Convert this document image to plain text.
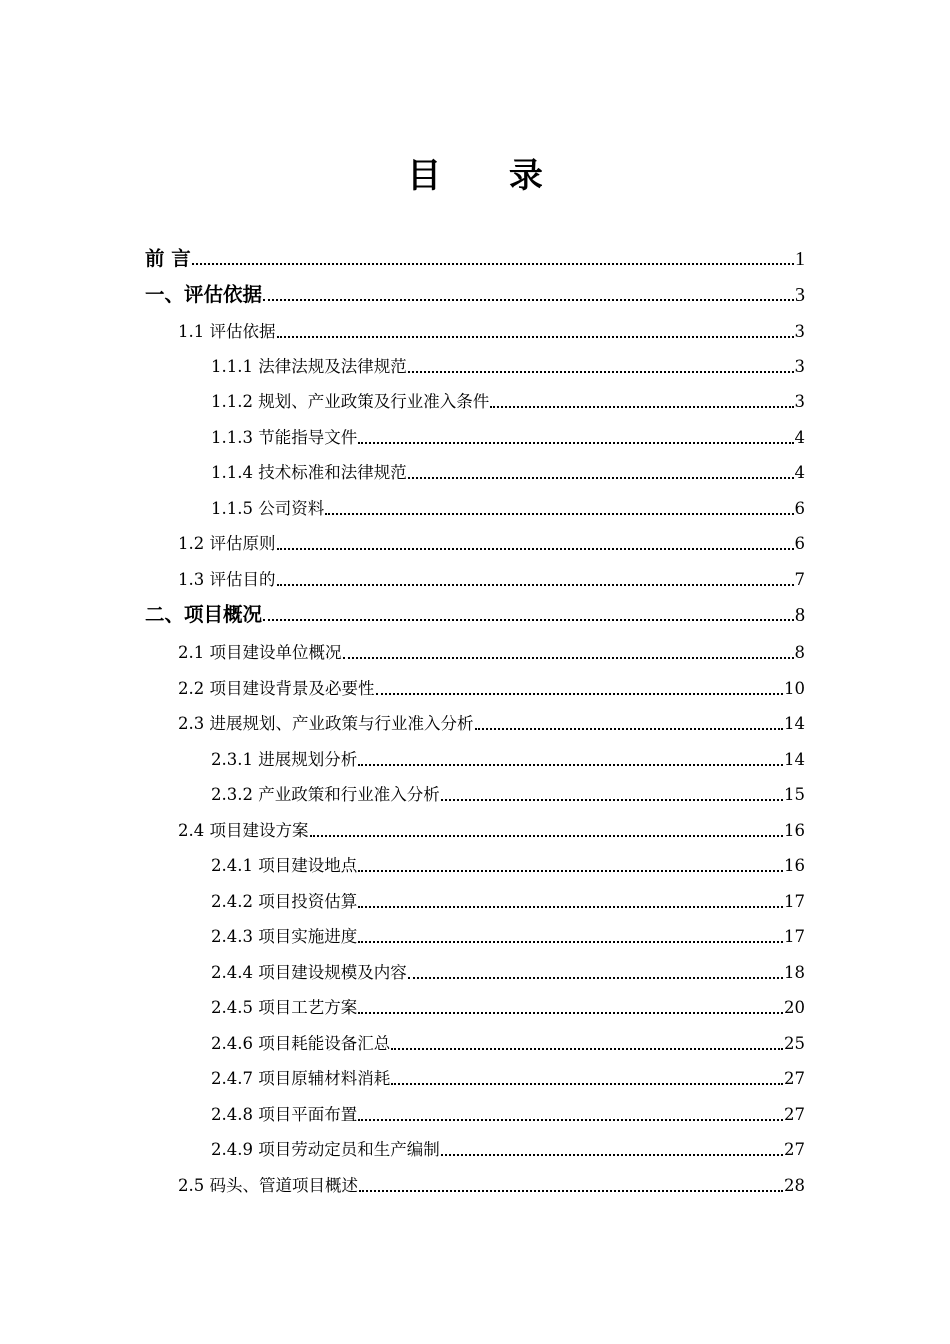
目 录
前 言	1
一、评估依据	3
1.1 评估依据	3
1.1.1 法律法规及法律规范	3
1.1.2 规划、产业政策及行业准入条件	3
1.1.3 节能指导文件	4
1.1.4 技术标准和法律规范	4
1.1.5 公司资料	6
1.2 评估原则	6
1.3 评估目的	7
二、项目概况	8
2.1 项目建设单位概况	8
2.2 项目建设背景及必要性	10
2.3 进展规划、产业政策与行业准入分析	14
2.3.1 进展规划分析	14
2.3.2 产业政策和行业准入分析	15
2.4 项目建设方案	16
2.4.1 项目建设地点	16
2.4.2 项目投资估算	17
2.4.3 项目实施进度	17
2.4.4 项目建设规模及内容	18
2.4.5 项目工艺方案	20
2.4.6 项目耗能设备汇总	25
2.4.7 项目原辅材料消耗	27
2.4.8 项目平面布置	27
2.4.9 项目劳动定员和生产编制	27
2.5 码头、管道项目概述	28
